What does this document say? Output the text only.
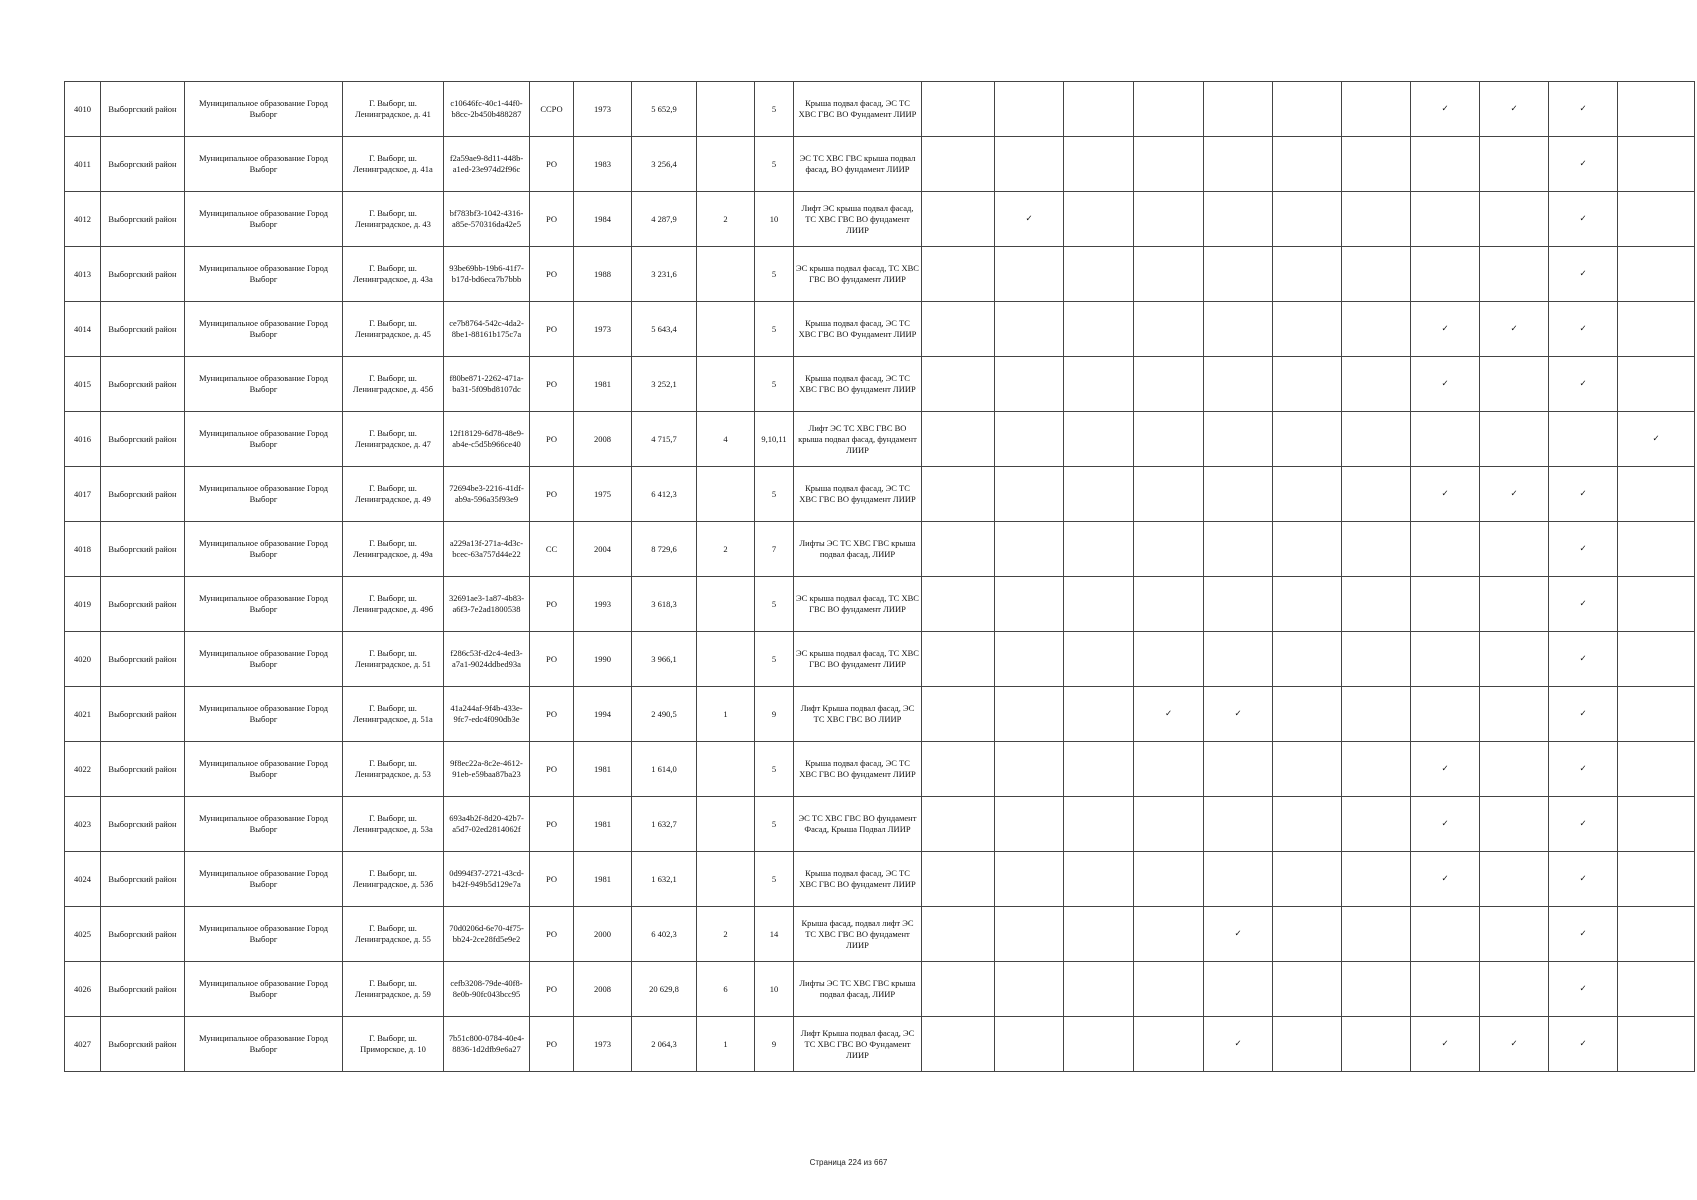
4010	Выборгский район	Муниципальное образование Город Выборг	Г. Выборг, ш. Ленинградское, д. 41	c10646fc-40c1-44f0-b8cc-2b450b488287	ССРО	1973	5 652,9		5	Крыша подвал фасад, ЭС ТС ХВС ГВС ВО Фундамент ЛИИР								✓	✓	✓	
4011	Выборгский район	Муниципальное образование Город Выборг	Г. Выборг, ш. Ленинградское, д. 41а	f2a59ae9-8d11-448b-a1ed-23e974d2f96c	РО	1983	3 256,4		5	ЭС ТС ХВС ГВС крыша подвал фасад, ВО фундамент ЛИИР										✓	
4012	Выборгский район	Муниципальное образование Город Выборг	Г. Выборг, ш. Ленинградское, д. 43	bf783bf3-1042-4316-a85e-570316da42e5	РО	1984	4 287,9	2	10	Лифт ЭС крыша подвал фасад, ТС ХВС ГВС ВО фундамент ЛИИР		✓								✓	
4013	Выборгский район	Муниципальное образование Город Выборг	Г. Выборг, ш. Ленинградское, д. 43а	93be69bb-19b6-41f7-b17d-bd6eca7b7bbb	РО	1988	3 231,6		5	ЭС крыша подвал фасад, ТС ХВС ГВС ВО фундамент ЛИИР										✓	
4014	Выборгский район	Муниципальное образование Город Выборг	Г. Выборг, ш. Ленинградское, д. 45	ce7b8764-542c-4da2-8be1-88161b175c7a	РО	1973	5 643,4		5	Крыша подвал фасад, ЭС ТС ХВС ГВС ВО Фундамент ЛИИР								✓	✓	✓	
4015	Выборгский район	Муниципальное образование Город Выборг	Г. Выборг, ш. Ленинградское, д. 45б	f80be871-2262-471a-ba31-5f09bd8107dc	РО	1981	3 252,1		5	Крыша подвал фасад, ЭС ТС ХВС ГВС ВО фундамент ЛИИР								✓		✓	
4016	Выборгский район	Муниципальное образование Город Выборг	Г. Выборг, ш. Ленинградское, д. 47	12f18129-6d78-48e9-ab4e-c5d5b966ce40	РО	2008	4 715,7	4	9,10,11	Лифт ЭС ТС ХВС ГВС ВО крыша подвал фасад, фундамент ЛИИР											✓
4017	Выборгский район	Муниципальное образование Город Выборг	Г. Выборг, ш. Ленинградское, д. 49	72694be3-2216-41df-ab9a-596a35f93e9	РО	1975	6 412,3		5	Крыша подвал фасад, ЭС ТС ХВС ГВС ВО фундамент ЛИИР								✓	✓	✓	
4018	Выборгский район	Муниципальное образование Город Выборг	Г. Выборг, ш. Ленинградское, д. 49а	a229a13f-271a-4d3c-bcec-63a757d44e22	СС	2004	8 729,6	2	7	Лифты ЭС ТС ХВС ГВС крыша подвал фасад, ЛИИР										✓	
4019	Выборгский район	Муниципальное образование Город Выборг	Г. Выборг, ш. Ленинградское, д. 49б	32691ae3-1a87-4b83-a6f3-7e2ad1800538	РО	1993	3 618,3		5	ЭС крыша подвал фасад, ТС ХВС ГВС ВО фундамент ЛИИР										✓	
4020	Выборгский район	Муниципальное образование Город Выборг	Г. Выборг, ш. Ленинградское, д. 51	f286c53f-d2c4-4ed3-a7a1-9024ddbed93a	РО	1990	3 966,1		5	ЭС крыша подвал фасад, ТС ХВС ГВС ВО фундамент ЛИИР										✓	
4021	Выборгский район	Муниципальное образование Город Выборг	Г. Выборг, ш. Ленинградское, д. 51а	41a244af-9f4b-433e-9fc7-edc4f090db3e	РО	1994	2 490,5	1	9	Лифт Крыша подвал фасад, ЭС ТС ХВС ГВС ВО ЛИИР				✓	✓					✓	
4022	Выборгский район	Муниципальное образование Город Выборг	Г. Выборг, ш. Ленинградское, д. 53	9f8ec22a-8c2e-4612-91eb-e59baa87ba23	РО	1981	1 614,0		5	Крыша подвал фасад, ЭС ТС ХВС ГВС ВО фундамент ЛИИР								✓		✓	
4023	Выборгский район	Муниципальное образование Город Выборг	Г. Выборг, ш. Ленинградское, д. 53а	693a4b2f-8d20-42b7-a5d7-02ed2814062f	РО	1981	1 632,7		5	ЭС ТС ХВС ГВС ВО фундамент Фасад, Крыша Подвал ЛИИР								✓		✓	
4024	Выборгский район	Муниципальное образование Город Выборг	Г. Выборг, ш. Ленинградское, д. 53б	0d994f37-2721-43cd-b42f-949b5d129e7a	РО	1981	1 632,1		5	Крыша подвал фасад, ЭС ТС ХВС ГВС ВО фундамент ЛИИР								✓		✓	
4025	Выборгский район	Муниципальное образование Город Выборг	Г. Выборг, ш. Ленинградское, д. 55	70d0206d-6e70-4f75-bb24-2ce28fd5e9e2	РО	2000	6 402,3	2	14	Крыша фасад, подвал лифт ЭС ТС ХВС ГВС ВО фундамент ЛИИР					✓					✓	
4026	Выборгский район	Муниципальное образование Город Выборг	Г. Выборг, ш. Ленинградское, д. 59	cefb3208-79de-40f8-8e0b-90fc043bcc95	РО	2008	20 629,8	6	10	Лифты ЭС ТС ХВС ГВС крыша подвал фасад, ЛИИР										✓	
4027	Выборгский район	Муниципальное образование Город Выборг	Г. Выборг, ш. Приморское, д. 10	7b51c800-0784-40e4-8836-1d2dfb9e6a27	РО	1973	2 064,3	1	9	Лифт Крыша подвал фасад, ЭС ТС ХВС ГВС ВО Фундамент ЛИИР					✓			✓	✓	✓	
Страница 224 из 667
